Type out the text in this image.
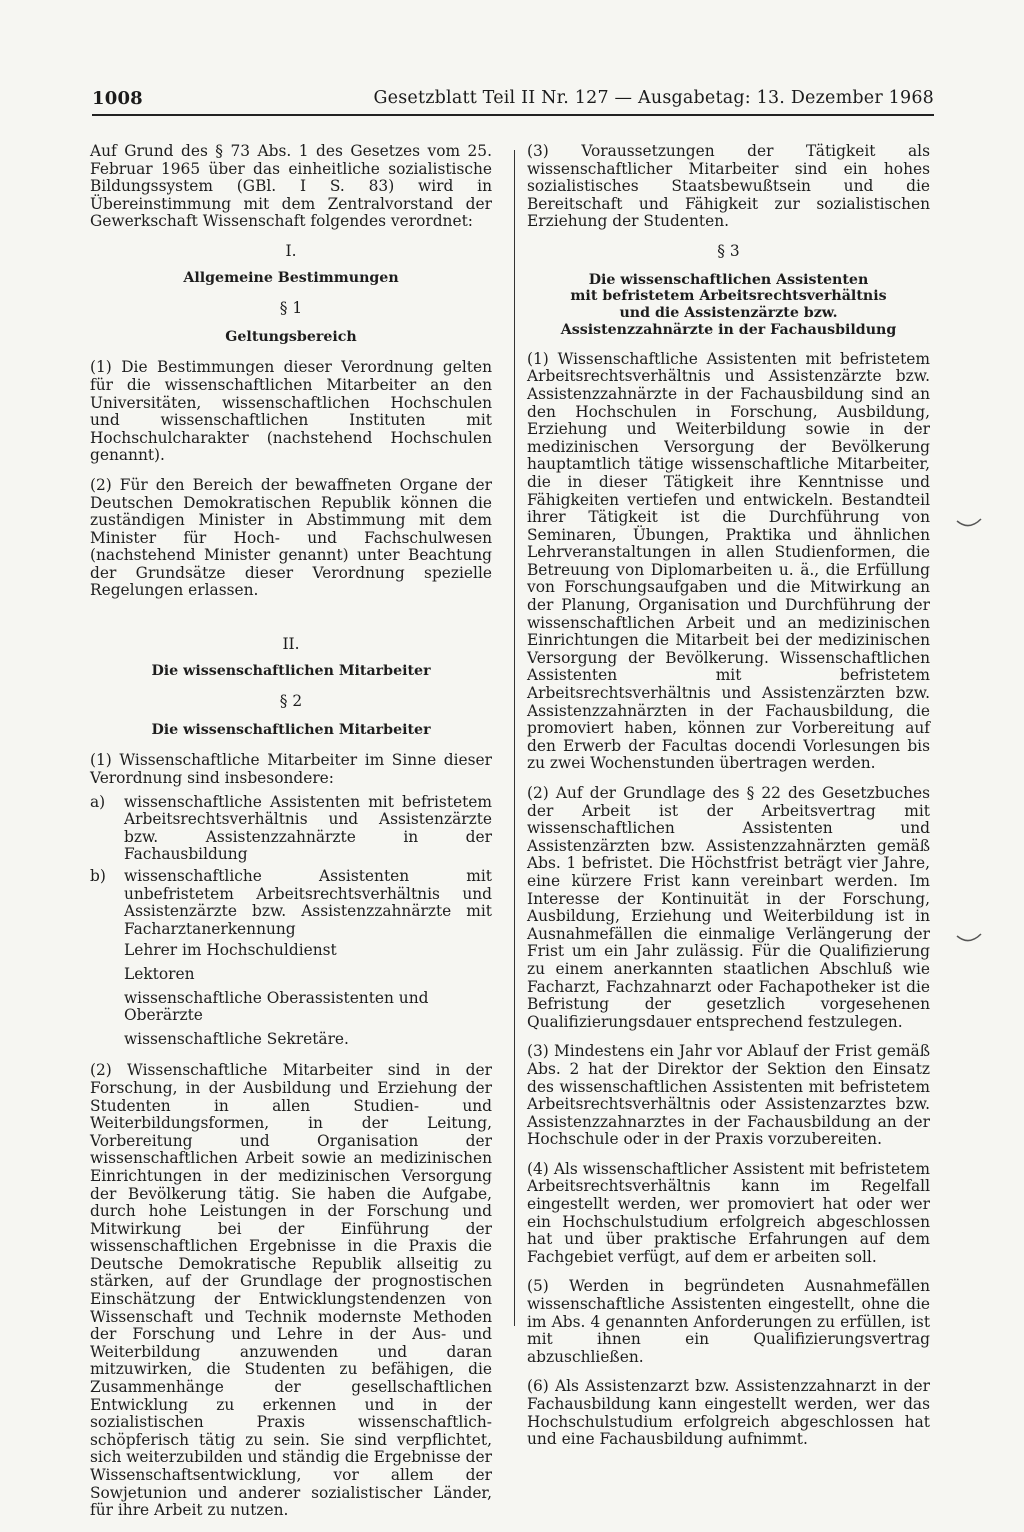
1008	Gesetzblatt Teil II Nr. 127 — Ausgabetag: 13. Dezember 1968

Auf Grund des § 73 Abs. 1 des Gesetzes vom 25. Februar 1965 über das einheitliche sozialistische Bildungssystem (GBl. I S. 83) wird in Übereinstimmung mit dem Zentralvorstand der Gewerkschaft Wissenschaft folgendes verordnet:

I.
Allgemeine Bestimmungen
§ 1
Geltungsbereich

(1) Die Bestimmungen dieser Verordnung gelten für die wissenschaftlichen Mitarbeiter an den Universitäten, wissenschaftlichen Hochschulen und wissenschaftlichen Instituten mit Hochschulcharakter (nachstehend Hochschulen genannt).

(2) Für den Bereich der bewaffneten Organe der Deutschen Demokratischen Republik können die zuständigen Minister in Abstimmung mit dem Minister für Hoch- und Fachschulwesen (nachstehend Minister genannt) unter Beachtung der Grundsätze dieser Verordnung spezielle Regelungen erlassen.

II.
Die wissenschaftlichen Mitarbeiter
§ 2
Die wissenschaftlichen Mitarbeiter

(1) Wissenschaftliche Mitarbeiter im Sinne dieser Verordnung sind insbesondere:

a)	wissenschaftliche Assistenten mit befristetem Arbeitsrechtsverhältnis und Assistenzärzte bzw. Assistenzzahnärzte in der Fachausbildung
b)	wissenschaftliche Assistenten mit unbefristetem Arbeitsrechtsverhältnis und Assistenzärzte bzw. Assistenzzahnärzte mit Facharztanerkennung
Lehrer im Hochschuldienst
Lektoren
wissenschaftliche Oberassistenten und Oberärzte
wissenschaftliche Sekretäre.

(2) Wissenschaftliche Mitarbeiter sind in der Forschung, in der Ausbildung und Erziehung der Studenten in allen Studien- und Weiterbildungsformen, in der Leitung, Vorbereitung und Organisation der wissenschaftlichen Arbeit sowie an medizinischen Einrichtungen in der medizinischen Versorgung der Bevölkerung tätig. Sie haben die Aufgabe, durch hohe Leistungen in der Forschung und Mitwirkung bei der Einführung der wissenschaftlichen Ergebnisse in die Praxis die Deutsche Demokratische Republik allseitig zu stärken, auf der Grundlage der prognostischen Einschätzung der Entwicklungstendenzen von Wissenschaft und Technik modernste Methoden der Forschung und Lehre in der Aus- und Weiterbildung anzuwenden und daran mitzuwirken, die Studenten zu befähigen, die Zusammenhänge der gesellschaftlichen Entwicklung zu erkennen und in der sozialistischen Praxis wissenschaftlich-schöpferisch tätig zu sein. Sie sind verpflichtet, sich weiterzubilden und ständig die Ergebnisse der Wissenschaftsentwicklung, vor allem der Sowjetunion und anderer sozialistischer Länder, für ihre Arbeit zu nutzen.

(3) Voraussetzungen der Tätigkeit als wissenschaftlicher Mitarbeiter sind ein hohes sozialistisches Staatsbewußtsein und die Bereitschaft und Fähigkeit zur sozialistischen Erziehung der Studenten.

§ 3
Die wissenschaftlichen Assistenten
mit befristetem Arbeitsrechtsverhältnis
und die Assistenzärzte bzw.
Assistenzzahnärzte in der Fachausbildung

(1) Wissenschaftliche Assistenten mit befristetem Arbeitsrechtsverhältnis und Assistenzärzte bzw. Assistenzzahnärzte in der Fachausbildung sind an den Hochschulen in Forschung, Ausbildung, Erziehung und Weiterbildung sowie in der medizinischen Versorgung der Bevölkerung hauptamtlich tätige wissenschaftliche Mitarbeiter, die in dieser Tätigkeit ihre Kenntnisse und Fähigkeiten vertiefen und entwickeln. Bestandteil ihrer Tätigkeit ist die Durchführung von Seminaren, Übungen, Praktika und ähnlichen Lehrveranstaltungen in allen Studienformen, die Betreuung von Diplomarbeiten u. ä., die Erfüllung von Forschungsaufgaben und die Mitwirkung an der Planung, Organisation und Durchführung der wissenschaftlichen Arbeit und an medizinischen Einrichtungen die Mitarbeit bei der medizinischen Versorgung der Bevölkerung. Wissenschaftlichen Assistenten mit befristetem Arbeitsrechtsverhältnis und Assistenzärzten bzw. Assistenzzahnärzten in der Fachausbildung, die promoviert haben, können zur Vorbereitung auf den Erwerb der Facultas docendi Vorlesungen bis zu zwei Wochenstunden übertragen werden.

(2) Auf der Grundlage des § 22 des Gesetzbuches der Arbeit ist der Arbeitsvertrag mit wissenschaftlichen Assistenten und Assistenzärzten bzw. Assistenzzahnärzten gemäß Abs. 1 befristet. Die Höchstfrist beträgt vier Jahre, eine kürzere Frist kann vereinbart werden. Im Interesse der Kontinuität in der Forschung, Ausbildung, Erziehung und Weiterbildung ist in Ausnahmefällen die einmalige Verlängerung der Frist um ein Jahr zulässig. Für die Qualifizierung zu einem anerkannten staatlichen Abschluß wie Facharzt, Fachzahnarzt oder Fachapotheker ist die Befristung der gesetzlich vorgesehenen Qualifizierungsdauer entsprechend festzulegen.

(3) Mindestens ein Jahr vor Ablauf der Frist gemäß Abs. 2 hat der Direktor der Sektion den Einsatz des wissenschaftlichen Assistenten mit befristetem Arbeitsrechtsverhältnis oder Assistenzarztes bzw. Assistenzzahnarztes in der Fachausbildung an der Hochschule oder in der Praxis vorzubereiten.

(4) Als wissenschaftlicher Assistent mit befristetem Arbeitsrechtsverhältnis kann im Regelfall eingestellt werden, wer promoviert hat oder wer ein Hochschulstudium erfolgreich abgeschlossen hat und über praktische Erfahrungen auf dem Fachgebiet verfügt, auf dem er arbeiten soll.

(5) Werden in begründeten Ausnahmefällen wissenschaftliche Assistenten eingestellt, ohne die im Abs. 4 genannten Anforderungen zu erfüllen, ist mit ihnen ein Qualifizierungsvertrag abzuschließen.

(6) Als Assistenzarzt bzw. Assistenzzahnarzt in der Fachausbildung kann eingestellt werden, wer das Hochschulstudium erfolgreich abgeschlossen hat und eine Fachausbildung aufnimmt.
